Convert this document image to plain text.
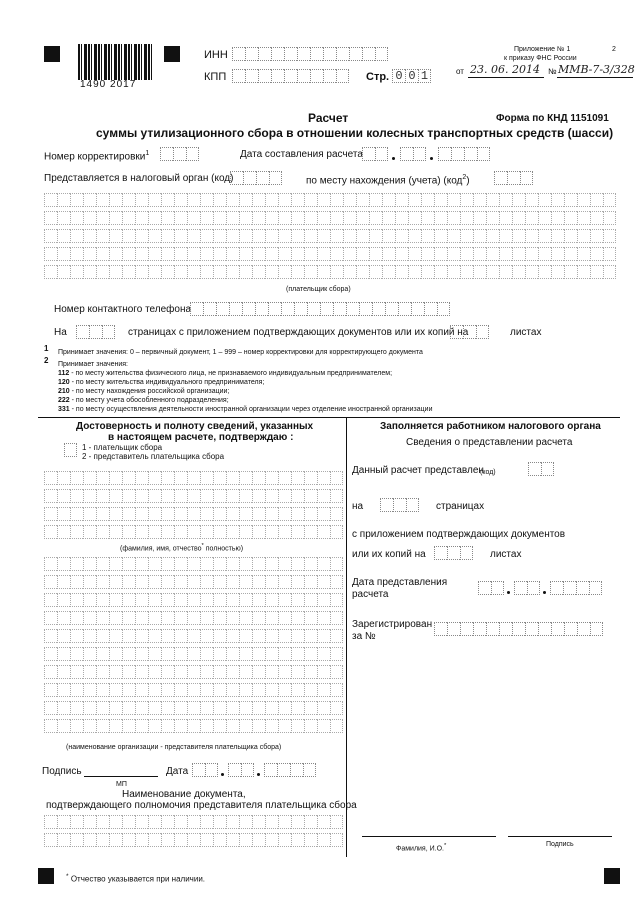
1490 2017
ИНН
КПП	Стр. 0 0 1
Приложение № 1	2
к приказу ФНС России
от 23. 06. 2014 № ММВ-7-3/328
Расчет	Форма по КНД 1151091
суммы утилизационного сбора в отношении колесных транспортных средств (шасси)
Номер корректировки$^1$	Дата составления расчета
Представляется в налоговый орган (код)	по месту нахождения (учета) (код$^2$)
(плательщик сбора)
Номер контактного телефона
На	страницах с приложением подтверждающих документов или их копий на	листах
1 Принимает значения: 0 – первичный документ, 1 – 999 – номер корректировки для корректирующего документа
2 Принимает значения:
112 - по месту жительства физического лица, не признаваемого индивидуальным предпринимателем;
120 - по месту жительства индивидуального предпринимателя;
210 - по месту нахождения российской организации;
222 - по месту учета обособленного подразделения;
331 - по месту осуществления деятельности иностранной организации через отделение иностранной организации
Достоверность и полноту сведений, указанных
в настоящем расчете, подтверждаю :
1 - плательщик сбора
2 - представитель плательщика сбора
(фамилия, имя, отчество* полностью)
(наименование организации - представителя плательщика сбора)
Подпись	Дата
МП
Наименование документа,
подтверждающего полномочия представителя плательщика сбора
Заполняется работником налогового органа
Сведения о представлении расчета
Данный расчет представлен
(код)
на	страницах
с приложением подтверждающих документов
или их копий на	листах
Дата представления
расчета
Зарегистрирован
за №
Фамилия, И.О.*	Подпись
* Отчество указывается при наличии.
